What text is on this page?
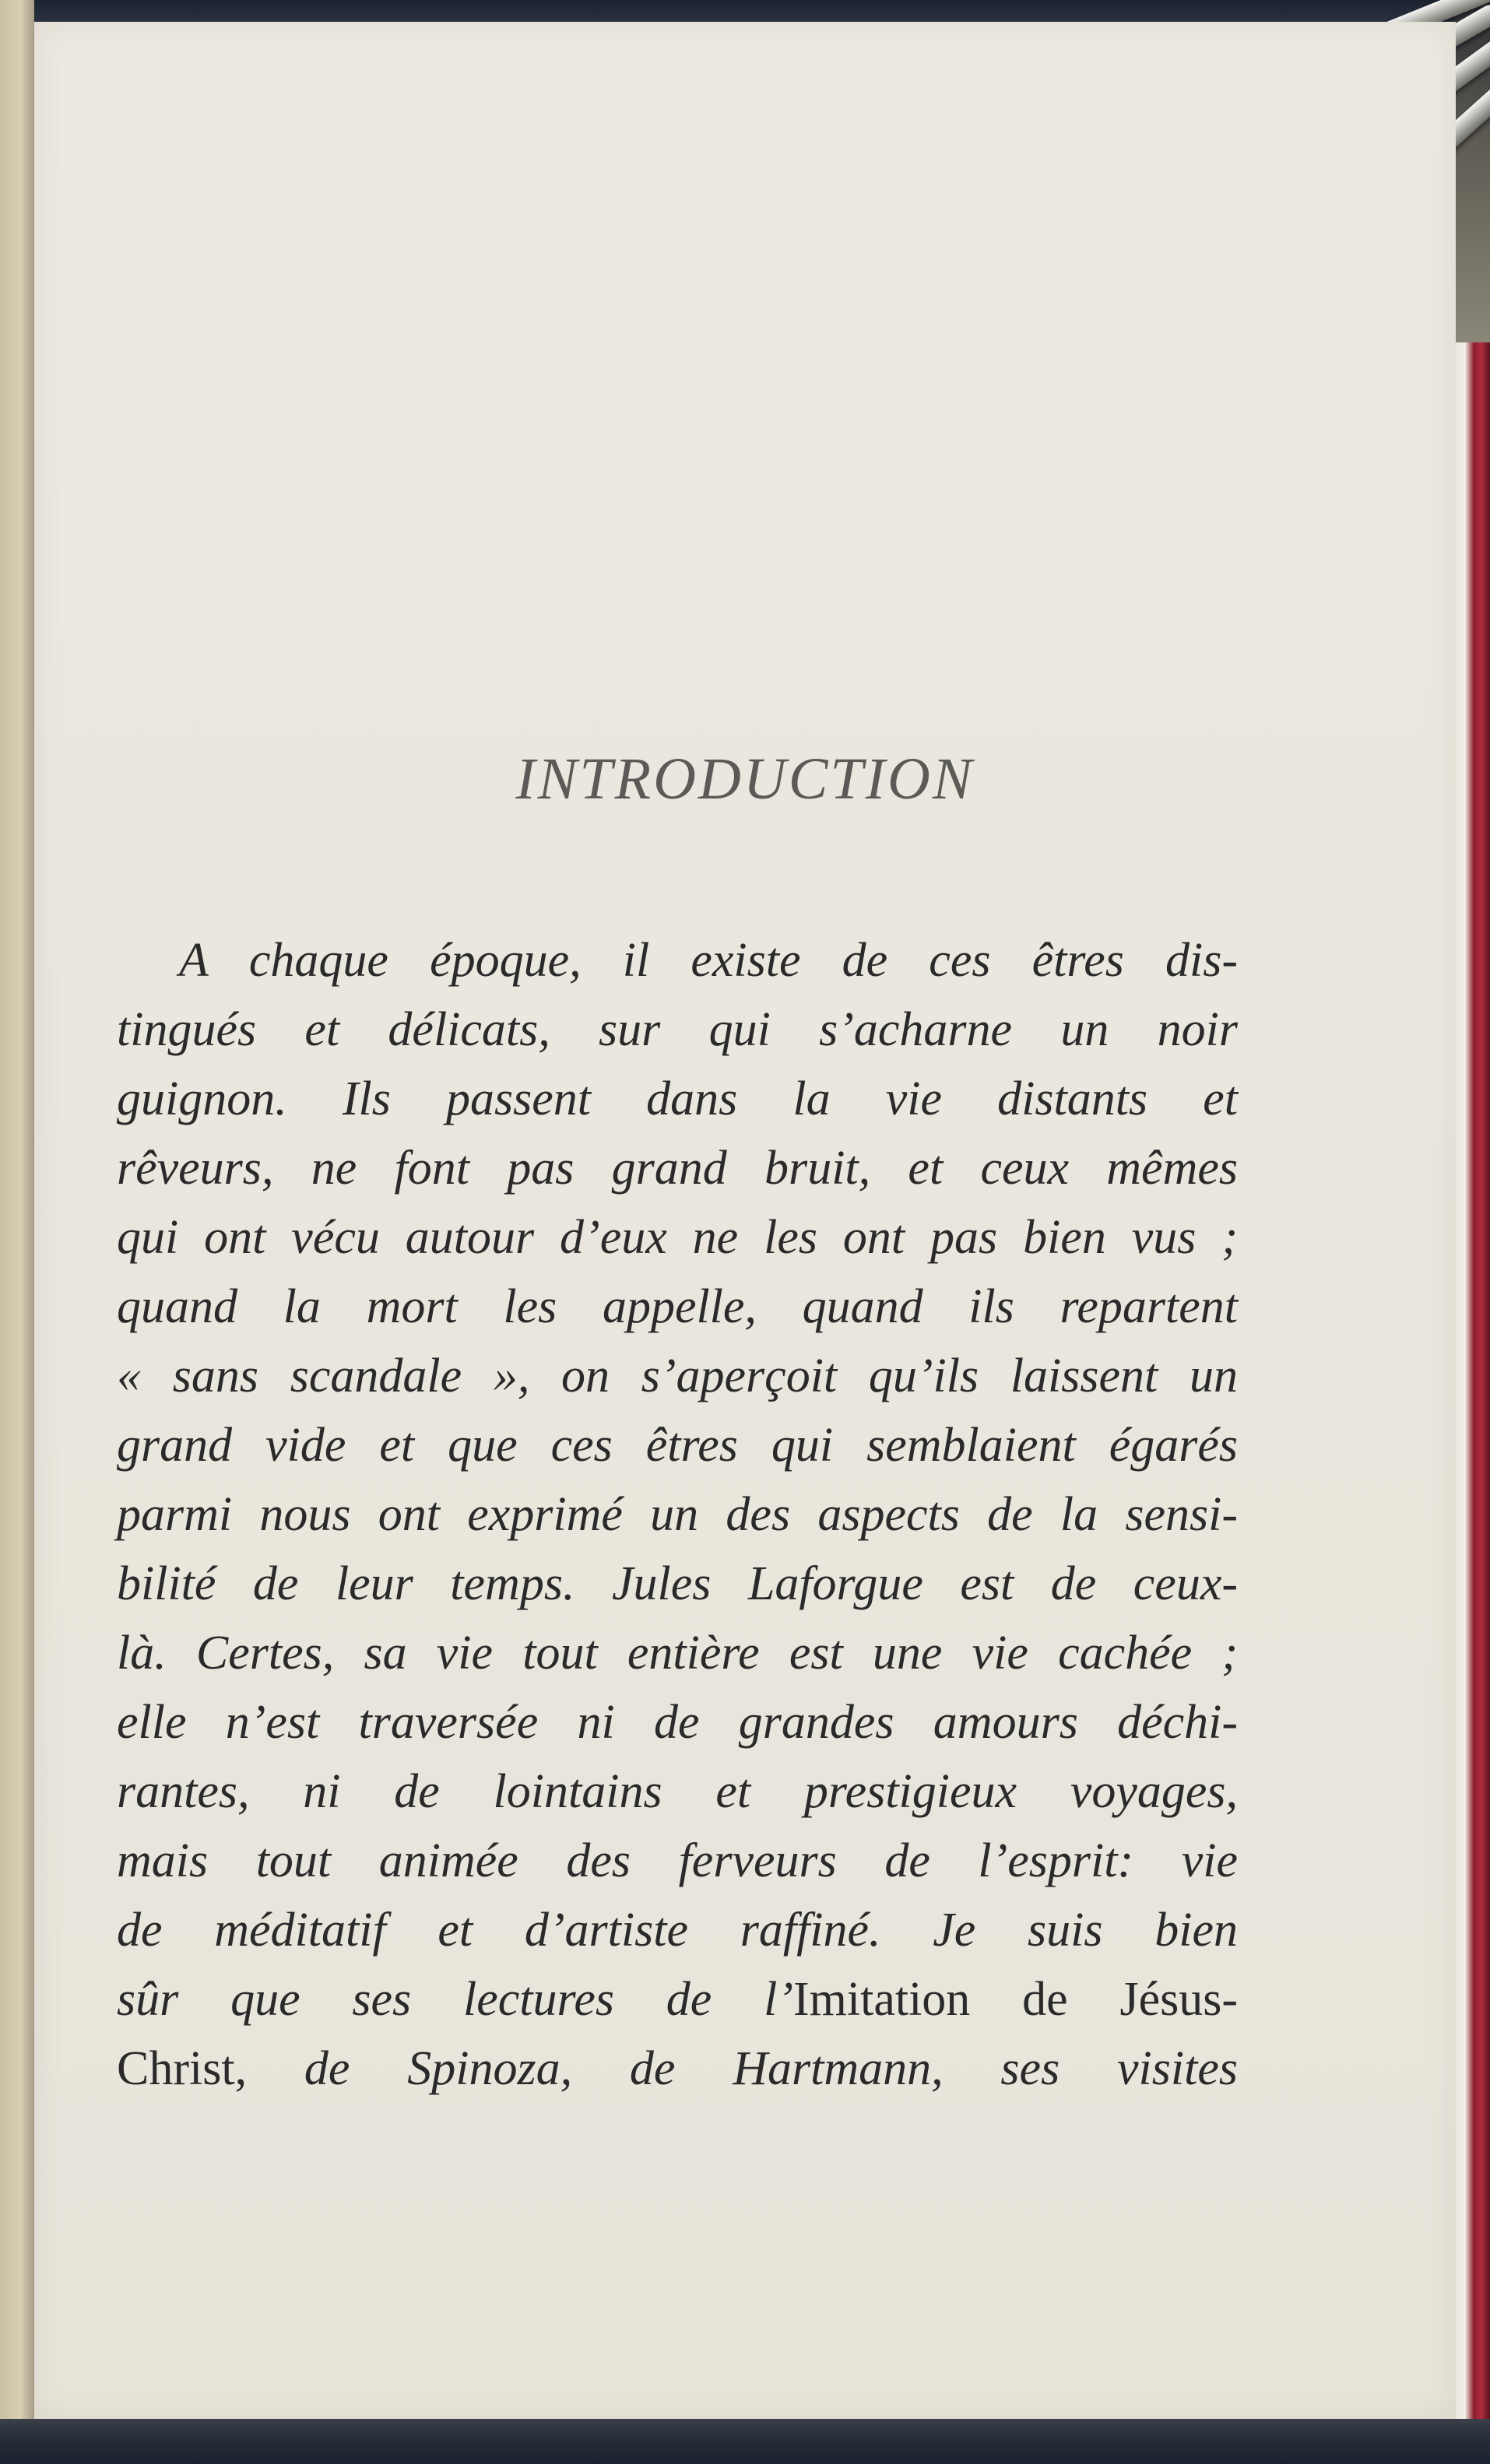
INTRODUCTION

A chaque époque, il existe de ces êtres dis-
tingués et délicats, sur qui s’acharne un noir
guignon. Ils passent dans la vie distants et
rêveurs, ne font pas grand bruit, et ceux mêmes
qui ont vécu autour d’eux ne les ont pas bien vus ;
quand la mort les appelle, quand ils repartent
« sans scandale », on s’aperçoit qu’ils laissent un
grand vide et que ces êtres qui semblaient égarés
parmi nous ont exprimé un des aspects de la sensi-
bilité de leur temps. Jules Laforgue est de ceux-
là. Certes, sa vie tout entière est une vie cachée ;
elle n’est traversée ni de grandes amours déchi-
rantes, ni de lointains et prestigieux voyages,
mais tout animée des ferveurs de l’esprit: vie
de méditatif et d’artiste raffiné. Je suis bien
sûr que ses lectures de l’Imitation de Jésus-
Christ, de Spinoza, de Hartmann, ses visites
